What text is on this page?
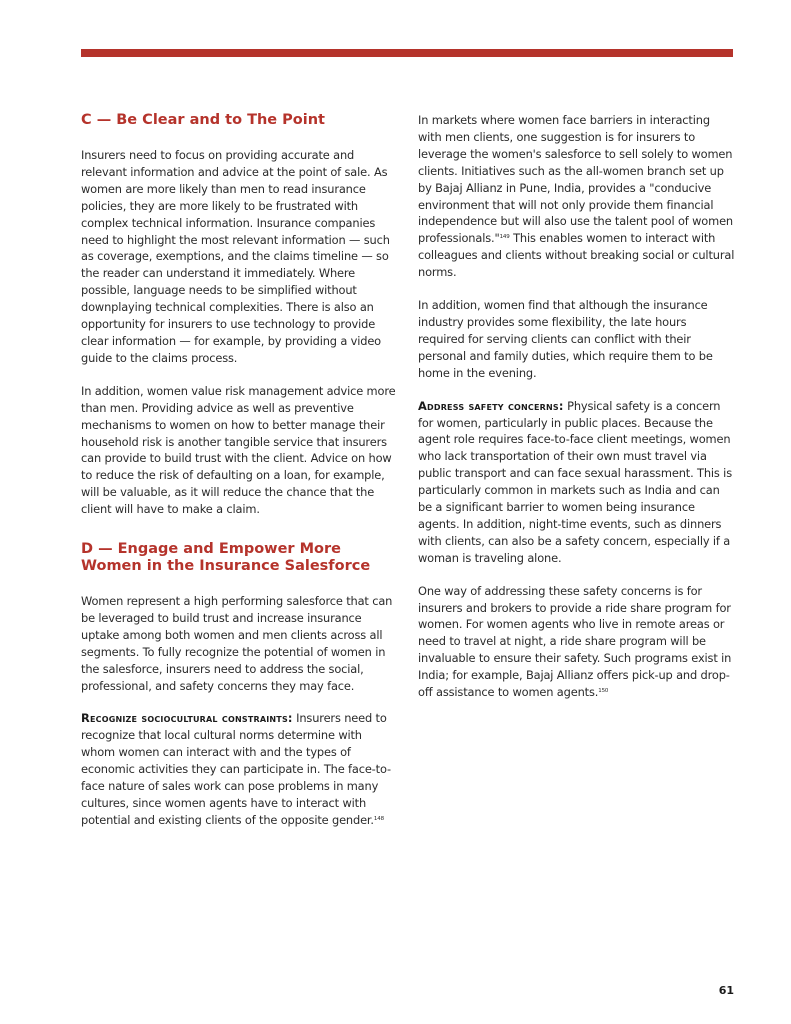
C — Be Clear and to The Point

Insurers need to focus on providing accurate and relevant information and advice at the point of sale. As women are more likely than men to read insurance policies, they are more likely to be frustrated with complex technical information. Insurance companies need to highlight the most relevant information — such as coverage, exemptions, and the claims timeline — so the reader can understand it immediately. Where possible, language needs to be simplified without downplaying technical complexities. There is also an opportunity for insurers to use technology to provide clear information — for example, by providing a video guide to the claims process.

In addition, women value risk management advice more than men. Providing advice as well as preventive mechanisms to women on how to better manage their household risk is another tangible service that insurers can provide to build trust with the client. Advice on how to reduce the risk of defaulting on a loan, for example, will be valuable, as it will reduce the chance that the client will have to make a claim.

D — Engage and Empower More Women in the Insurance Salesforce

Women represent a high performing salesforce that can be leveraged to build trust and increase insurance uptake among both women and men clients across all segments. To fully recognize the potential of women in the salesforce, insurers need to address the social, professional, and safety concerns they may face.

Recognize sociocultural constraints: Insurers need to recognize that local cultural norms determine with whom women can interact with and the types of economic activities they can participate in. The face-to-face nature of sales work can pose problems in many cultures, since women agents have to interact with potential and existing clients of the opposite gender.$^{148}$

In markets where women face barriers in interacting with men clients, one suggestion is for insurers to leverage the women's salesforce to sell solely to women clients. Initiatives such as the all-women branch set up by Bajaj Allianz in Pune, India, provides a "conducive environment that will not only provide them financial independence but will also use the talent pool of women professionals."$^{149}$ This enables women to interact with colleagues and clients without breaking social or cultural norms.

In addition, women find that although the insurance industry provides some flexibility, the late hours required for serving clients can conflict with their personal and family duties, which require them to be home in the evening.

Address safety concerns: Physical safety is a concern for women, particularly in public places. Because the agent role requires face-to-face client meetings, women who lack transportation of their own must travel via public transport and can face sexual harassment. This is particularly common in markets such as India and can be a significant barrier to women being insurance agents. In addition, night-time events, such as dinners with clients, can also be a safety concern, especially if a woman is traveling alone.

One way of addressing these safety concerns is for insurers and brokers to provide a ride share program for women. For women agents who live in remote areas or need to travel at night, a ride share program will be invaluable to ensure their safety. Such programs exist in India; for example, Bajaj Allianz offers pick-up and drop-off assistance to women agents.$^{150}$

61
